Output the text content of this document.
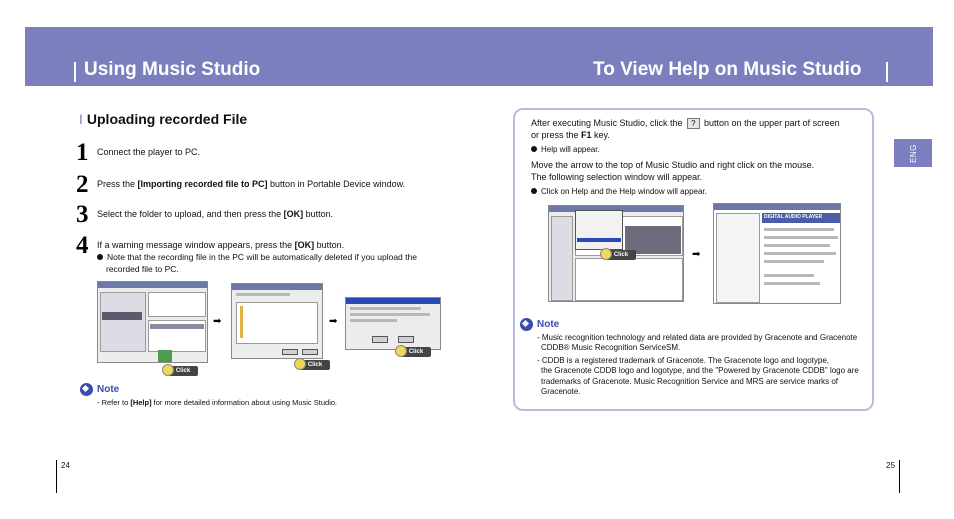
Using Music Studio	To View Help on Music Studio
ENG
I Uploading recorded File
1 Connect the player to PC.
2 Press the [Importing recorded file to PC] button in Portable Device window.
3 Select the folder to upload, and then press the [OK] button.
4 If a warning message window appears, press the [OK] button.
Note that the recording file in the PC will be automatically deleted if you upload the
recorded file to PC.
Click
➡
Click
➡
Click
Note
- Refer to [Help] for more detailed information about using Music Studio.
After executing Music Studio, click the ? button on the upper part of screen
or press the F1 key.
Help will appear.
Move the arrow to the top of Music Studio and right click on the mouse.
The following selection window will appear.
Click on Help and the Help window will appear.
Click	➡
DIGITAL AUDIO PLAYER
Note
- Music recognition technology and related data are provided by Gracenote and Gracenote
CDDB® Music Recognition ServiceSM.
- CDDB is a registered trademark of Gracenote. The Gracenote logo and logotype,
the Gracenote CDDB logo and logotype, and the "Powered by Gracenote CDDB" logo are
trademarks of Gracenote. Music Recognition Service and MRS are service marks of
Gracenote.
24	25
